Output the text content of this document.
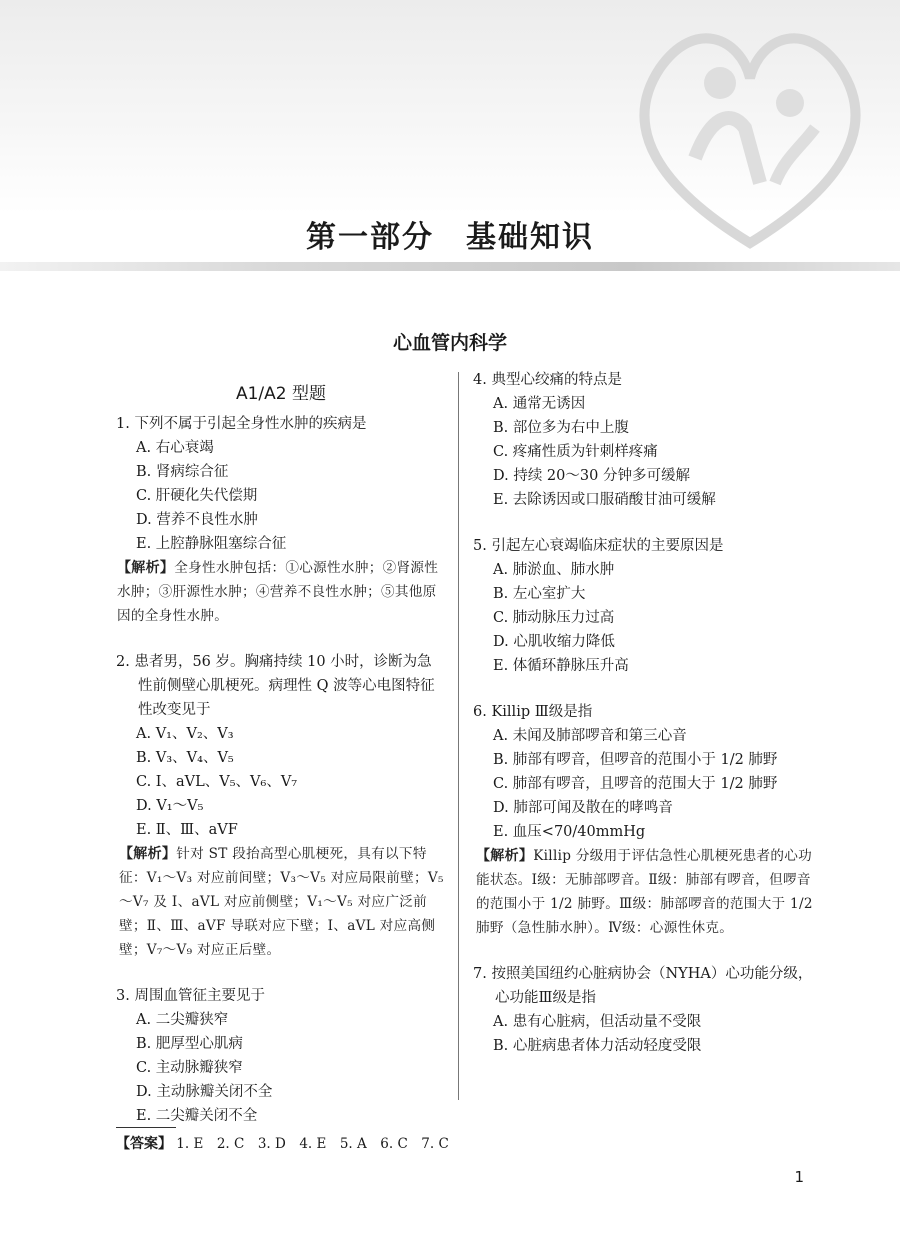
第一部分　基础知识
心血管内科学
A1/A2 型题
1. 下列不属于引起全身性水肿的疾病是
A. 右心衰竭
B. 肾病综合征
C. 肝硬化失代偿期
D. 营养不良性水肿
E. 上腔静脉阻塞综合征
【解析】全身性水肿包括：①心源性水肿；②肾源性水肿；③肝源性水肿；④营养不良性水肿；⑤其他原因的全身性水肿。
2. 患者男，56 岁。胸痛持续 10 小时，诊断为急性前侧壁心肌梗死。病理性 Q 波等心电图特征性改变见于
A. V₁、V₂、V₃
B. V₃、V₄、V₅
C. Ⅰ、aVL、V₅、V₆、V₇
D. V₁～V₅
E. Ⅱ、Ⅲ、aVF
【解析】针对 ST 段抬高型心肌梗死，具有以下特征：V₁～V₃ 对应前间壁；V₃～V₅ 对应局限前壁；V₅～V₇ 及 Ⅰ、aVL 对应前侧壁；V₁～V₅ 对应广泛前壁；Ⅱ、Ⅲ、aVF 导联对应下壁；Ⅰ、aVL 对应高侧壁；V₇～V₉ 对应正后壁。
3. 周围血管征主要见于
A. 二尖瓣狭窄
B. 肥厚型心肌病
C. 主动脉瓣狭窄
D. 主动脉瓣关闭不全
E. 二尖瓣关闭不全
4. 典型心绞痛的特点是
A. 通常无诱因
B. 部位多为右中上腹
C. 疼痛性质为针刺样疼痛
D. 持续 20～30 分钟多可缓解
E. 去除诱因或口服硝酸甘油可缓解
5. 引起左心衰竭临床症状的主要原因是
A. 肺淤血、肺水肿
B. 左心室扩大
C. 肺动脉压力过高
D. 心肌收缩力降低
E. 体循环静脉压升高
6. Killip Ⅲ级是指
A. 未闻及肺部啰音和第三心音
B. 肺部有啰音，但啰音的范围小于 1/2 肺野
C. 肺部有啰音，且啰音的范围大于 1/2 肺野
D. 肺部可闻及散在的哮鸣音
E. 血压<70/40mmHg
【解析】Killip 分级用于评估急性心肌梗死患者的心功能状态。Ⅰ级：无肺部啰音。Ⅱ级：肺部有啰音，但啰音的范围小于 1/2 肺野。Ⅲ级：肺部啰音的范围大于 1/2 肺野（急性肺水肿）。Ⅳ级：心源性休克。
7. 按照美国纽约心脏病协会（NYHA）心功能分级，心功能Ⅲ级是指
A. 患有心脏病，但活动量不受限
B. 心脏病患者体力活动轻度受限
【答案】 1. E　2. C　3. D　4. E　5. A　6. C　7. C
1
